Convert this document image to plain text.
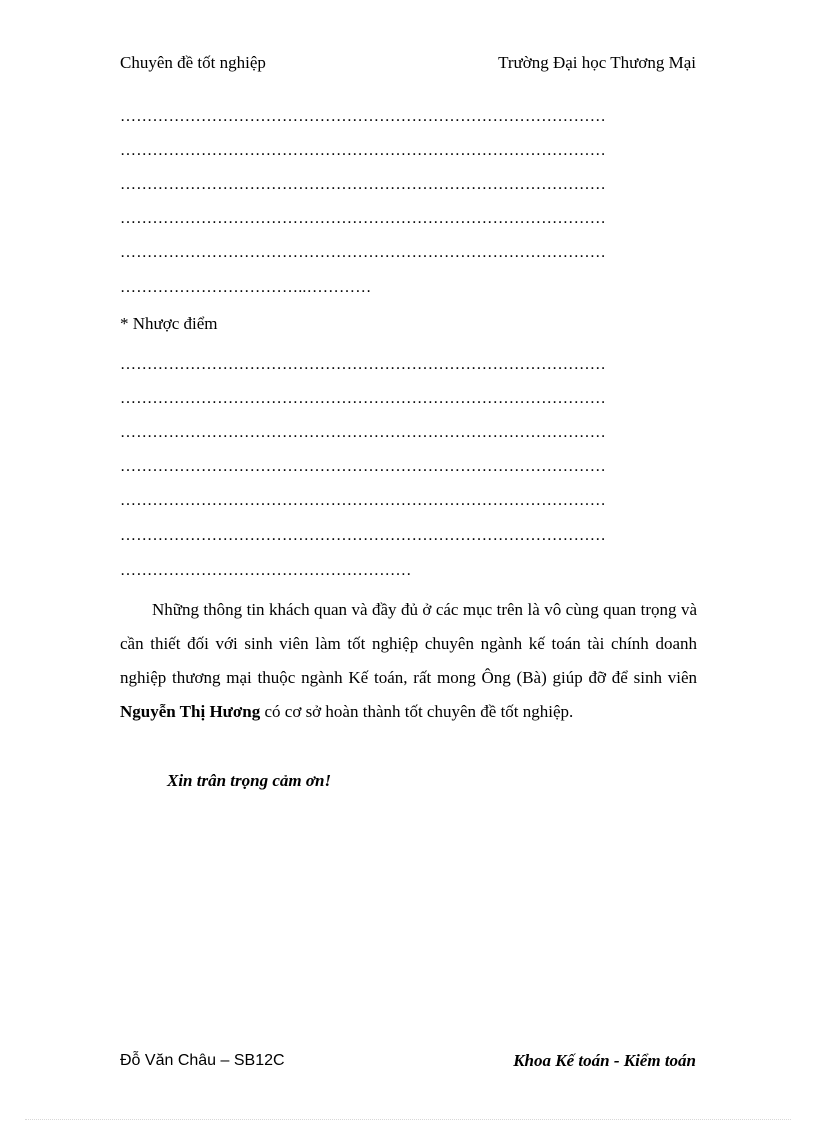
Chuyên đề tốt nghiệp	Trường Đại học Thương Mại
………………………………………………………………………………
………………………………………………………………………………
………………………………………………………………………………
………………………………………………………………………………
………………………………………………………………………………
……………………………..…………
* Nhược điểm
………………………………………………………………………………
………………………………………………………………………………
………………………………………………………………………………
………………………………………………………………………………
………………………………………………………………………………
………………………………………………………………………………
………………………………………………
Những thông tin khách quan và đầy đủ ở các mục trên là vô cùng quan trọng và cần thiết đối với sinh viên làm tốt nghiệp chuyên ngành kế toán tài chính doanh nghiệp thương mại thuộc ngành Kế toán, rất mong Ông (Bà) giúp đỡ để sinh viên Nguyễn Thị Hương có cơ sở hoàn thành tốt chuyên đề tốt nghiệp.
Xin trân trọng cảm ơn!
Đỗ Văn Châu – SB12C	Khoa Kế toán - Kiểm toán
